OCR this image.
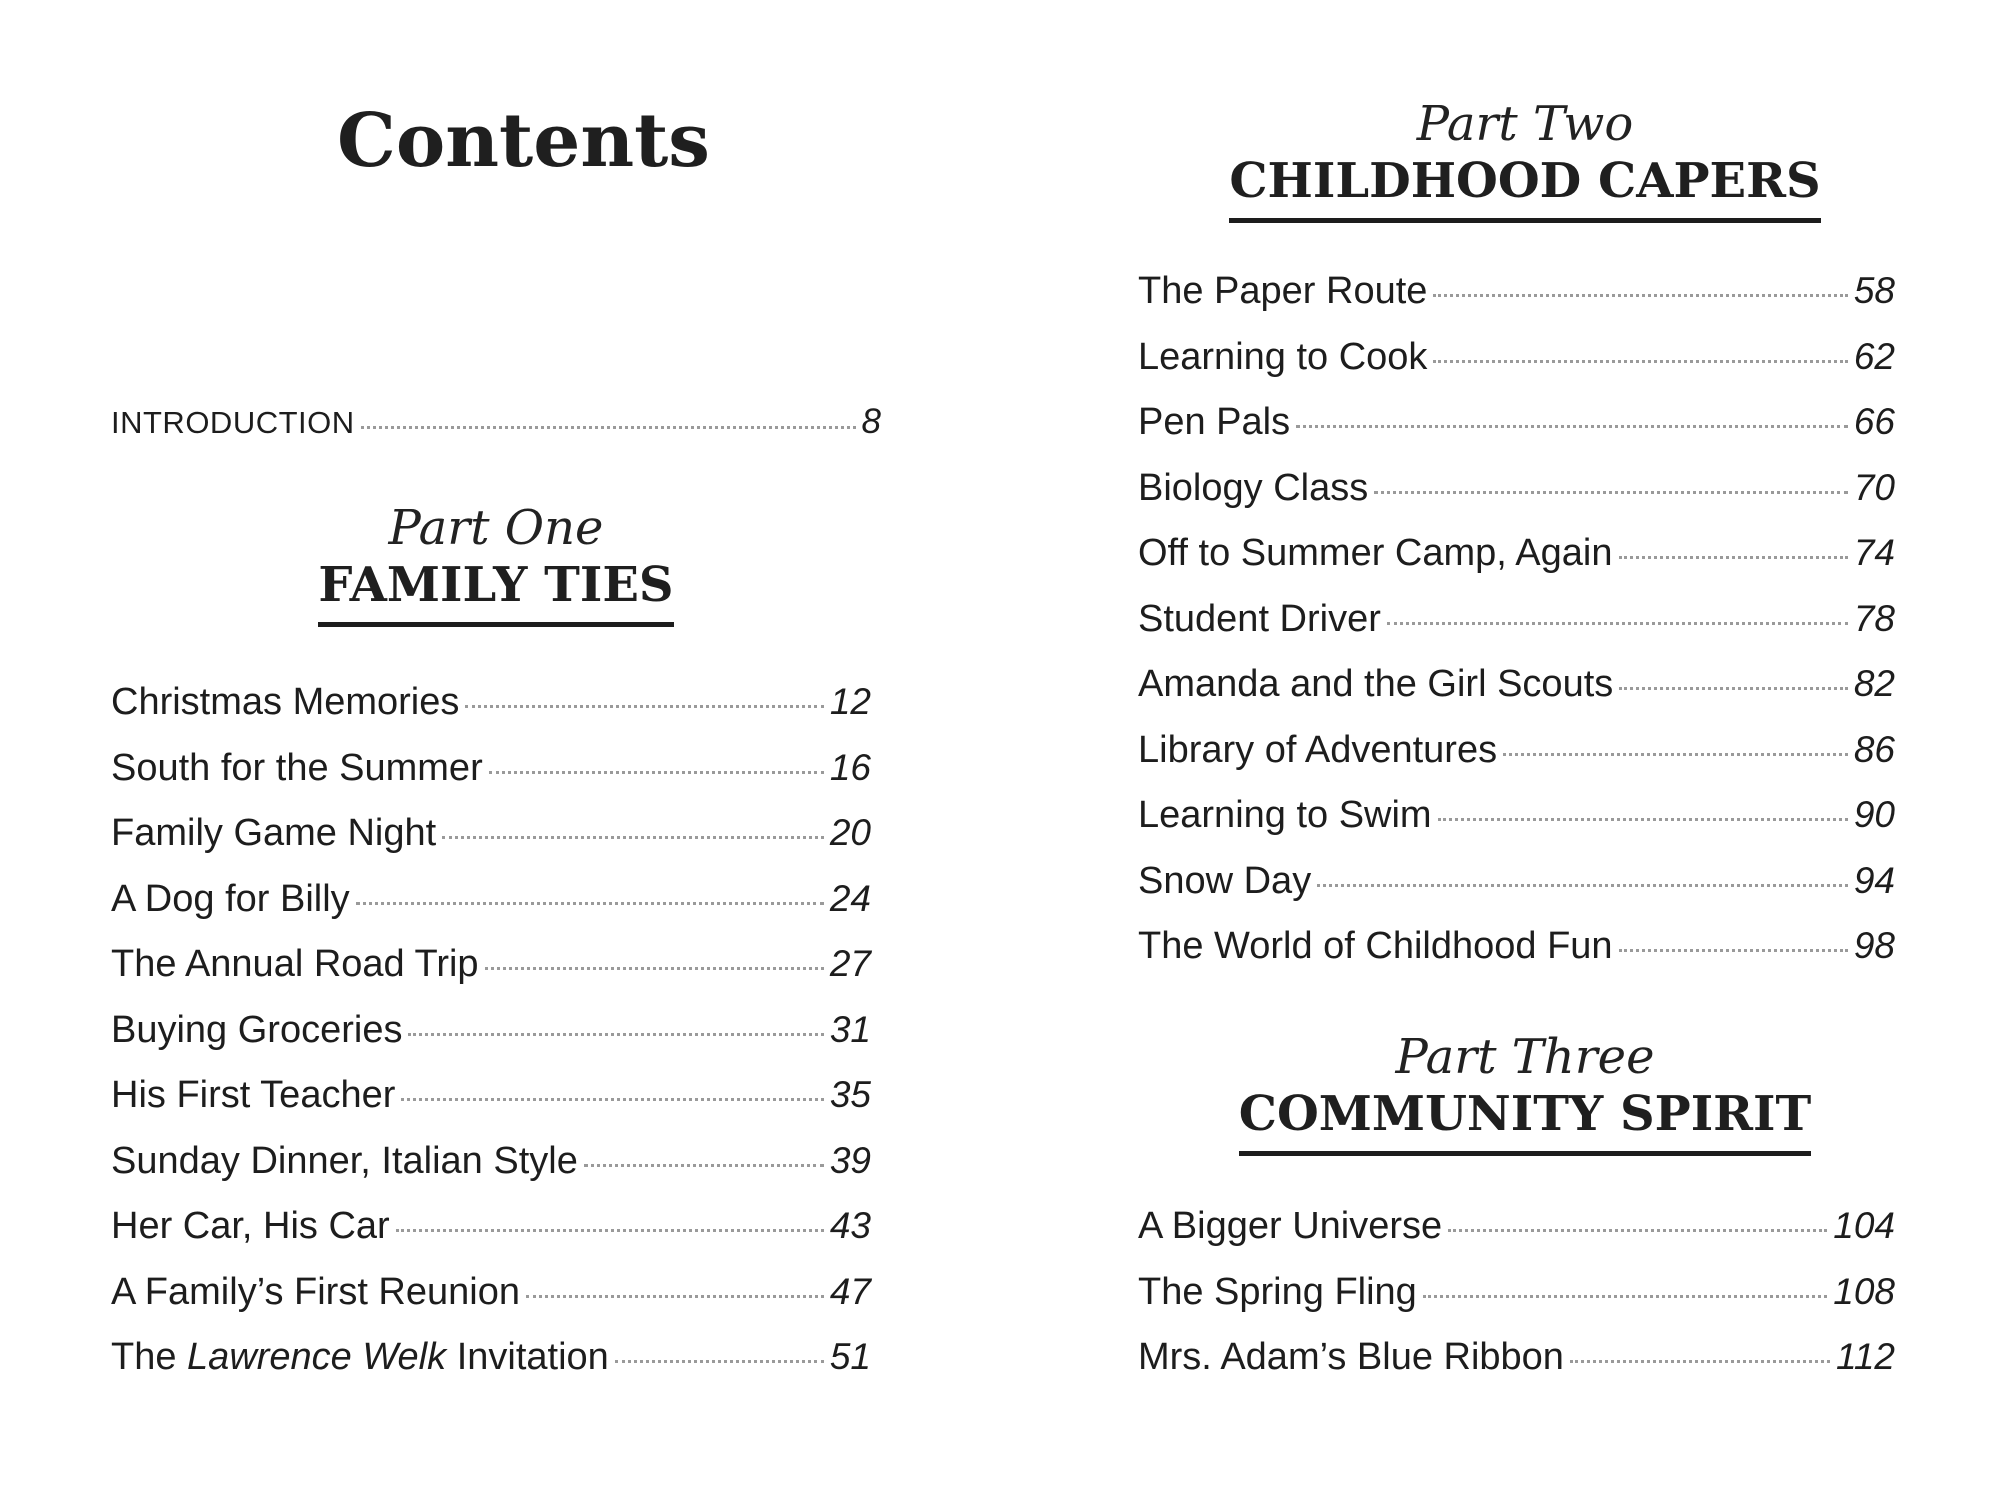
Contents
INTRODUCTION	8
Part One
FAMILY TIES
Christmas Memories	12
South for the Summer	16
Family Game Night	20
A Dog for Billy	24
The Annual Road Trip	27
Buying Groceries	31
His First Teacher	35
Sunday Dinner, Italian Style	39
Her Car, His Car	43
A Family’s First Reunion	47
The Lawrence Welk Invitation	51
Part Two
CHILDHOOD CAPERS
The Paper Route	58
Learning to Cook	62
Pen Pals	66
Biology Class	70
Off to Summer Camp, Again	74
Student Driver	78
Amanda and the Girl Scouts	82
Library of Adventures	86
Learning to Swim	90
Snow Day	94
The World of Childhood Fun	98
Part Three
COMMUNITY SPIRIT
A Bigger Universe	104
The Spring Fling	108
Mrs. Adam’s Blue Ribbon	112
